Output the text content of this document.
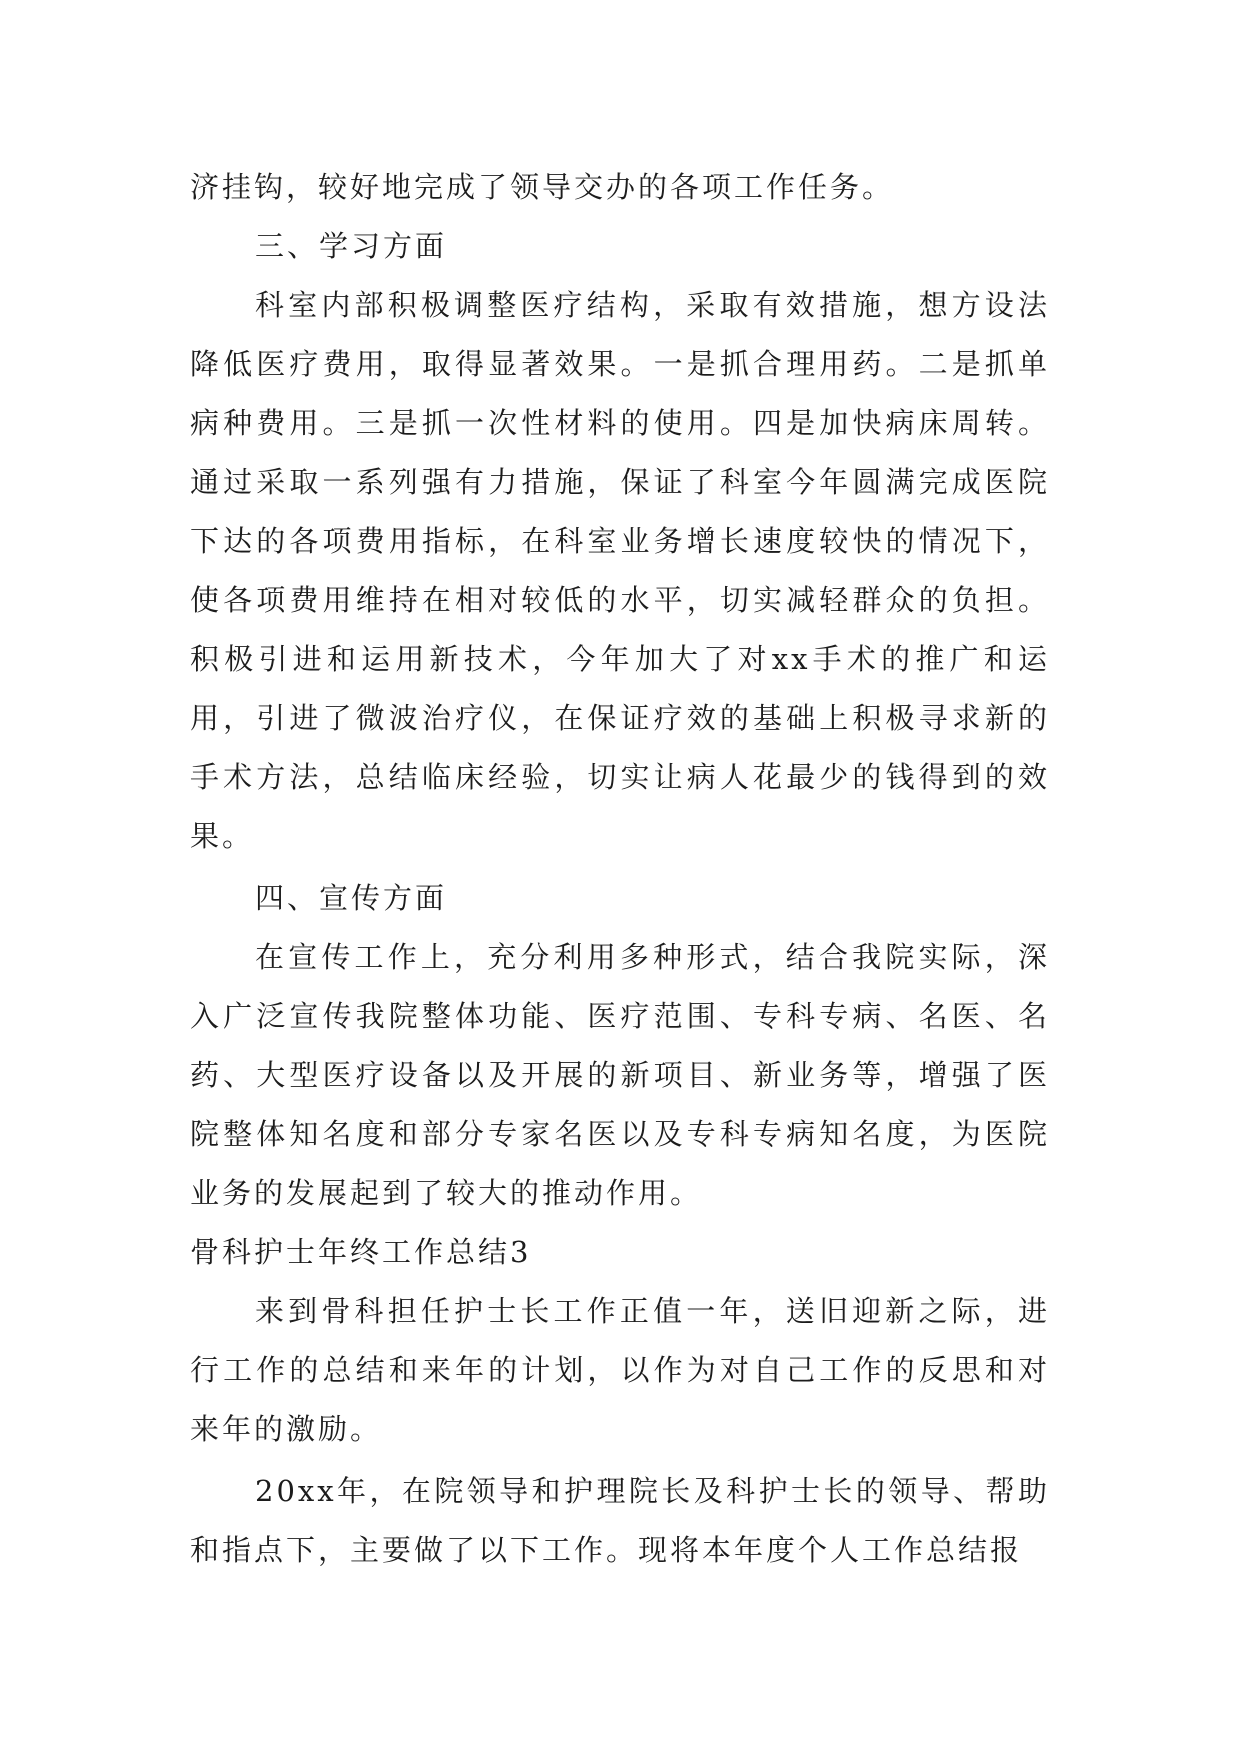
济挂钩，较好地完成了领导交办的各项工作任务。

三、学习方面

科室内部积极调整医疗结构，采取有效措施，想方设法降低医疗费用，取得显著效果。一是抓合理用药。二是抓单病种费用。三是抓一次性材料的使用。四是加快病床周转。通过采取一系列强有力措施，保证了科室今年圆满完成医院下达的各项费用指标，在科室业务增长速度较快的情况下，使各项费用维持在相对较低的水平，切实减轻群众的负担。积极引进和运用新技术，今年加大了对xx手术的推广和运用，引进了微波治疗仪，在保证疗效的基础上积极寻求新的手术方法，总结临床经验，切实让病人花最少的钱得到的效果。

四、宣传方面

在宣传工作上，充分利用多种形式，结合我院实际，深入广泛宣传我院整体功能、医疗范围、专科专病、名医、名药、大型医疗设备以及开展的新项目、新业务等，增强了医院整体知名度和部分专家名医以及专科专病知名度，为医院业务的发展起到了较大的推动作用。

骨科护士年终工作总结3

来到骨科担任护士长工作正值一年，送旧迎新之际，进行工作的总结和来年的计划，以作为对自己工作的反思和对来年的激励。

20xx年，在院领导和护理院长及科护士长的领导、帮助和指点下，主要做了以下工作。现将本年度个人工作总结报
